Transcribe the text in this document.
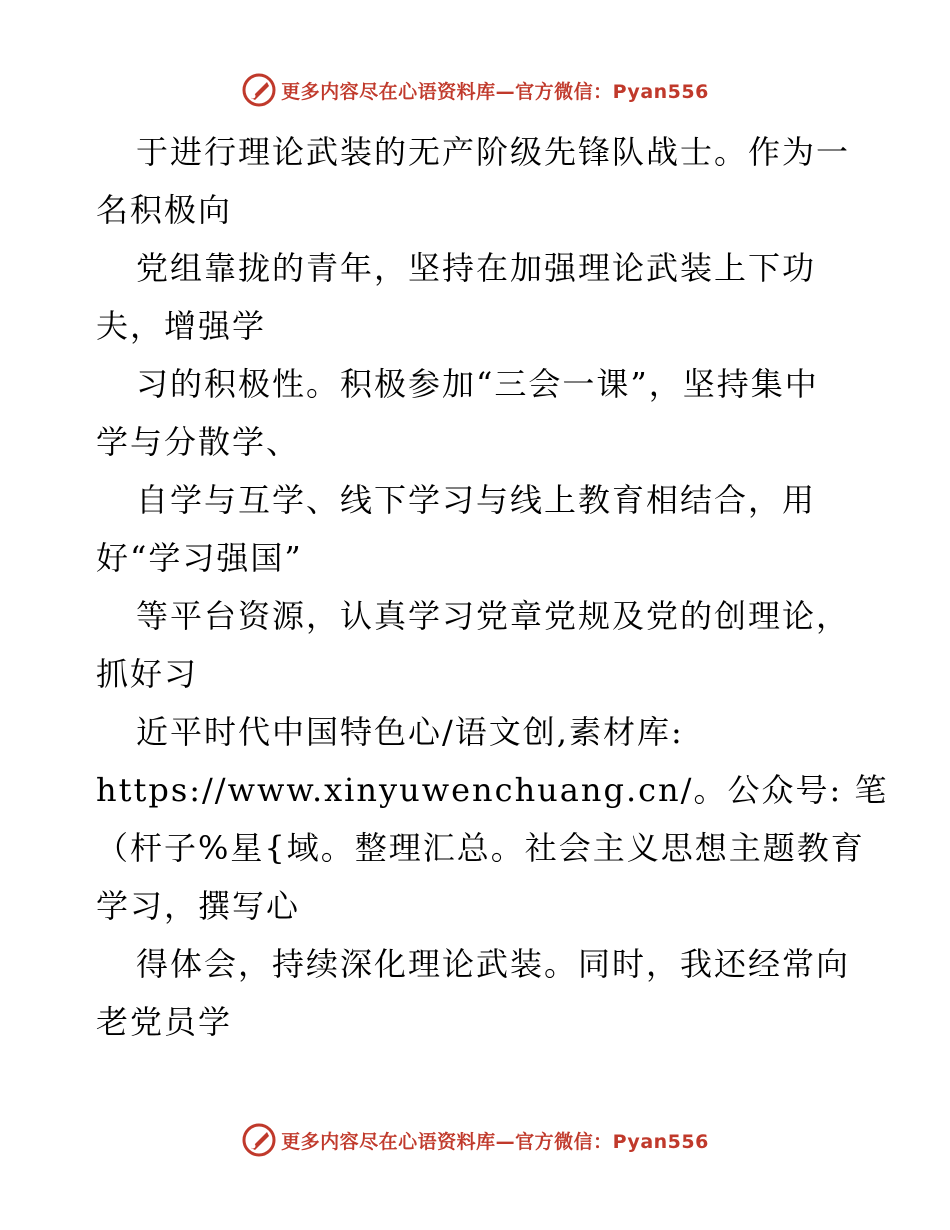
更多内容尽在心语资料库—官方微信：Pyan556
于进行理论武装的无产阶级先锋队战士。作为一
名积极向
党组靠拢的青年，坚持在加强理论武装上下功
夫，增强学
习的积极性。积极参加“三会一课”，坚持集中
学与分散学、
自学与互学、线下学习与线上教育相结合，用
好“学习强国”
等平台资源，认真学习党章党规及党的创理论，
抓好习
近平时代中国特色心/语文创,素材库:
https://www.xinyuwenchuang.cn/。公众号: 笔
（杆子%星{域。整理汇总。社会主义思想主题教育
学习，撰写心
得体会，持续深化理论武装。同时，我还经常向
老党员学
更多内容尽在心语资料库—官方微信：Pyan556
